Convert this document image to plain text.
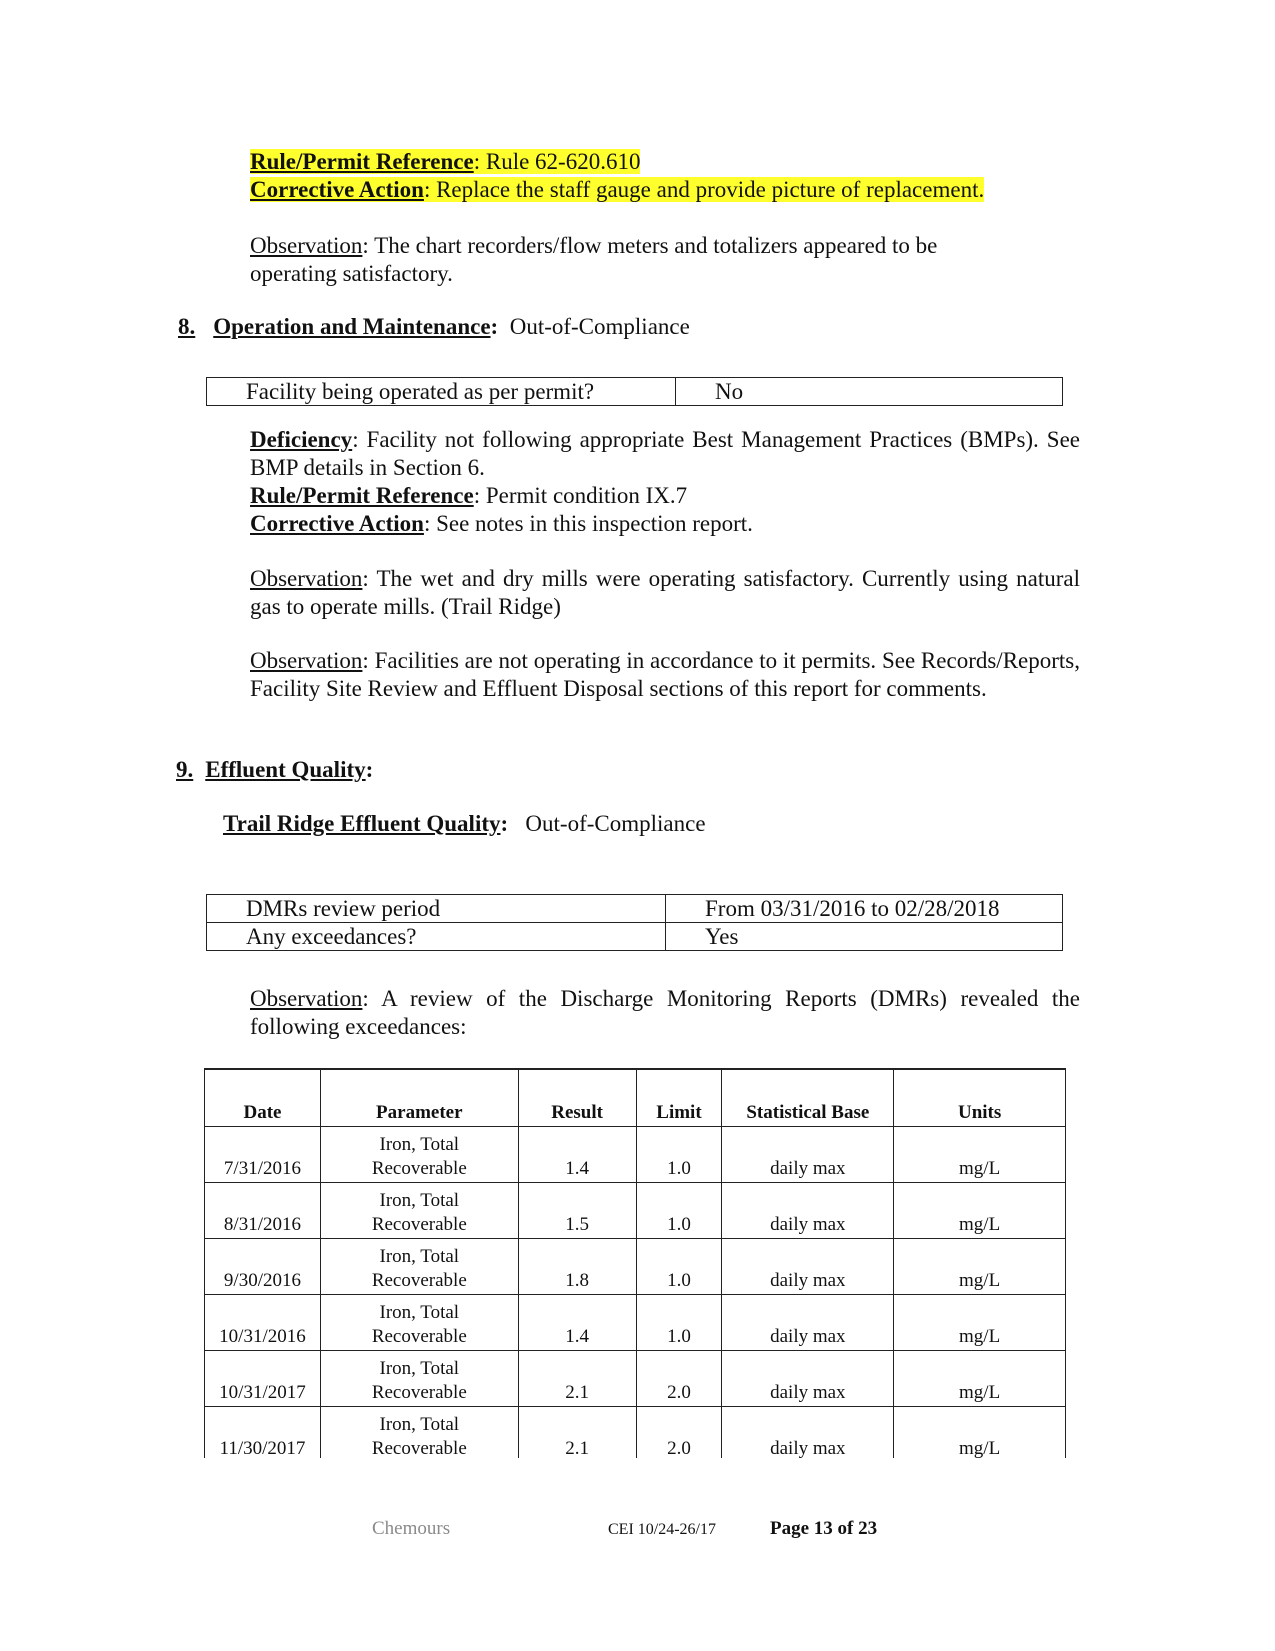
Rule/Permit Reference: Rule 62-620.610
Corrective Action: Replace the staff gauge and provide picture of replacement.
Observation: The chart recorders/flow meters and totalizers appeared to be
operating satisfactory.
8. Operation and Maintenance: Out-of-Compliance
Facility being operated as per permit?	No
Deficiency: Facility not following appropriate Best Management Practices (BMPs). See BMP details in Section 6.
Rule/Permit Reference: Permit condition IX.7
Corrective Action: See notes in this inspection report.
Observation: The wet and dry mills were operating satisfactory. Currently using natural gas to operate mills. (Trail Ridge)
Observation: Facilities are not operating in accordance to it permits. See Records/Reports, Facility Site Review and Effluent Disposal sections of this report for comments.
9. Effluent Quality:
Trail Ridge Effluent Quality: Out-of-Compliance
DMRs review period	From 03/31/2016 to 02/28/2018

Any exceedances?	Yes
Observation: A review of the Discharge Monitoring Reports (DMRs) revealed the following exceedances:
Date	Parameter	Result	Limit	Statistical Base	Units
7/31/2016	Iron, Total
Recoverable	1.4	1.0	daily max	mg/L
8/31/2016	Iron, Total
Recoverable	1.5	1.0	daily max	mg/L
9/30/2016	Iron, Total
Recoverable	1.8	1.0	daily max	mg/L
10/31/2016	Iron, Total
Recoverable	1.4	1.0	daily max	mg/L
10/31/2017	Iron, Total
Recoverable	2.1	2.0	daily max	mg/L
11/30/2017	Iron, Total
Recoverable	2.1	2.0	daily max	mg/L
Chemours	CEI 10/24-26/17	Page 13 of 23
